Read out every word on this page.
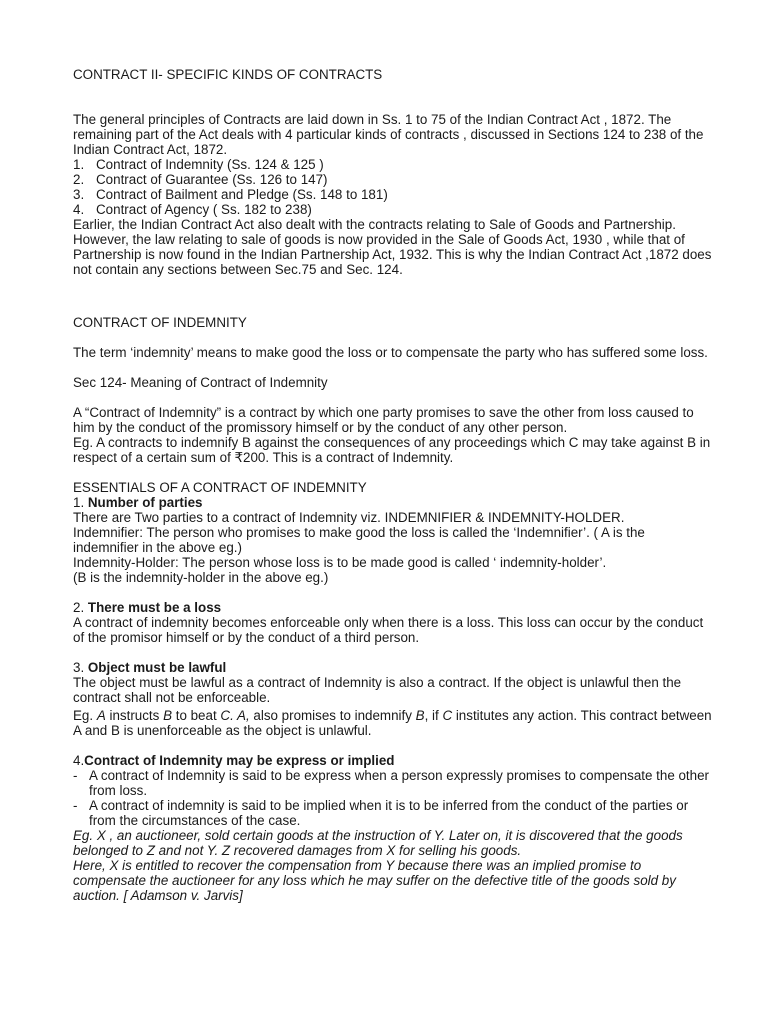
CONTRACT II- SPECIFIC KINDS OF CONTRACTS

The general principles of Contracts are laid down in Ss. 1 to 75 of the Indian Contract Act , 1872. The remaining part of the Act deals with 4 particular kinds of contracts , discussed in Sections 124 to 238 of the Indian Contract Act, 1872.

1. Contract of Indemnity (Ss. 124 & 125 )
2. Contract of Guarantee (Ss. 126 to 147)
3. Contract of Bailment and Pledge (Ss. 148 to 181)
4. Contract of Agency ( Ss. 182 to 238)

Earlier, the Indian Contract Act also dealt with the contracts relating to Sale of Goods and Partnership. However, the law relating to sale of goods is now provided in the Sale of Goods Act, 1930 , while that of Partnership is now found in the Indian Partnership Act, 1932. This is why the Indian Contract Act ,1872 does not contain any sections between Sec.75 and Sec. 124.

CONTRACT OF INDEMNITY

The term ‘indemnity’ means to make good the loss or to compensate the party who has suffered some loss.

Sec 124- Meaning of Contract of Indemnity

A “Contract of Indemnity” is a contract by which one party promises to save the other from loss caused to him by the conduct of the promissory himself or by the conduct of any other person.

Eg. A contracts to indemnify B against the consequences of any proceedings which C may take against B in respect of a certain sum of ₹200. This is a contract of Indemnity.

ESSENTIALS OF A CONTRACT OF INDEMNITY

1. Number of parties

There are Two parties to a contract of Indemnity viz. INDEMNIFIER & INDEMNITY-HOLDER.

Indemnifier: The person who promises to make good the loss is called the ‘Indemnifier’. ( A is the indemnifier in the above eg.)

Indemnity-Holder: The person whose loss is to be made good is called ‘ indemnity-holder’.

(B is the indemnity-holder in the above eg.)

2. There must be a loss

A contract of indemnity becomes enforceable only when there is a loss. This loss can occur by the conduct of the promisor himself or by the conduct of a third person.

3. Object must be lawful

The object must be lawful as a contract of Indemnity is also a contract. If the object is unlawful then the contract shall not be enforceable.

Eg. A instructs B to beat C. A, also promises to indemnify B, if C institutes any action. This contract between A and B is unenforceable as the object is unlawful.

4.Contract of Indemnity may be express or implied

- A contract of Indemnity is said to be express when a person expressly promises to compensate the other from loss.
- A contract of indemnity is said to be implied when it is to be inferred from the conduct of the parties or from the circumstances of the case.

Eg. X , an auctioneer, sold certain goods at the instruction of Y. Later on, it is discovered that the goods belonged to Z and not Y. Z recovered damages from X for selling his goods.

Here, X is entitled to recover the compensation from Y because there was an implied promise to compensate the auctioneer for any loss which he may suffer on the defective title of the goods sold by auction. [ Adamson v. Jarvis]
